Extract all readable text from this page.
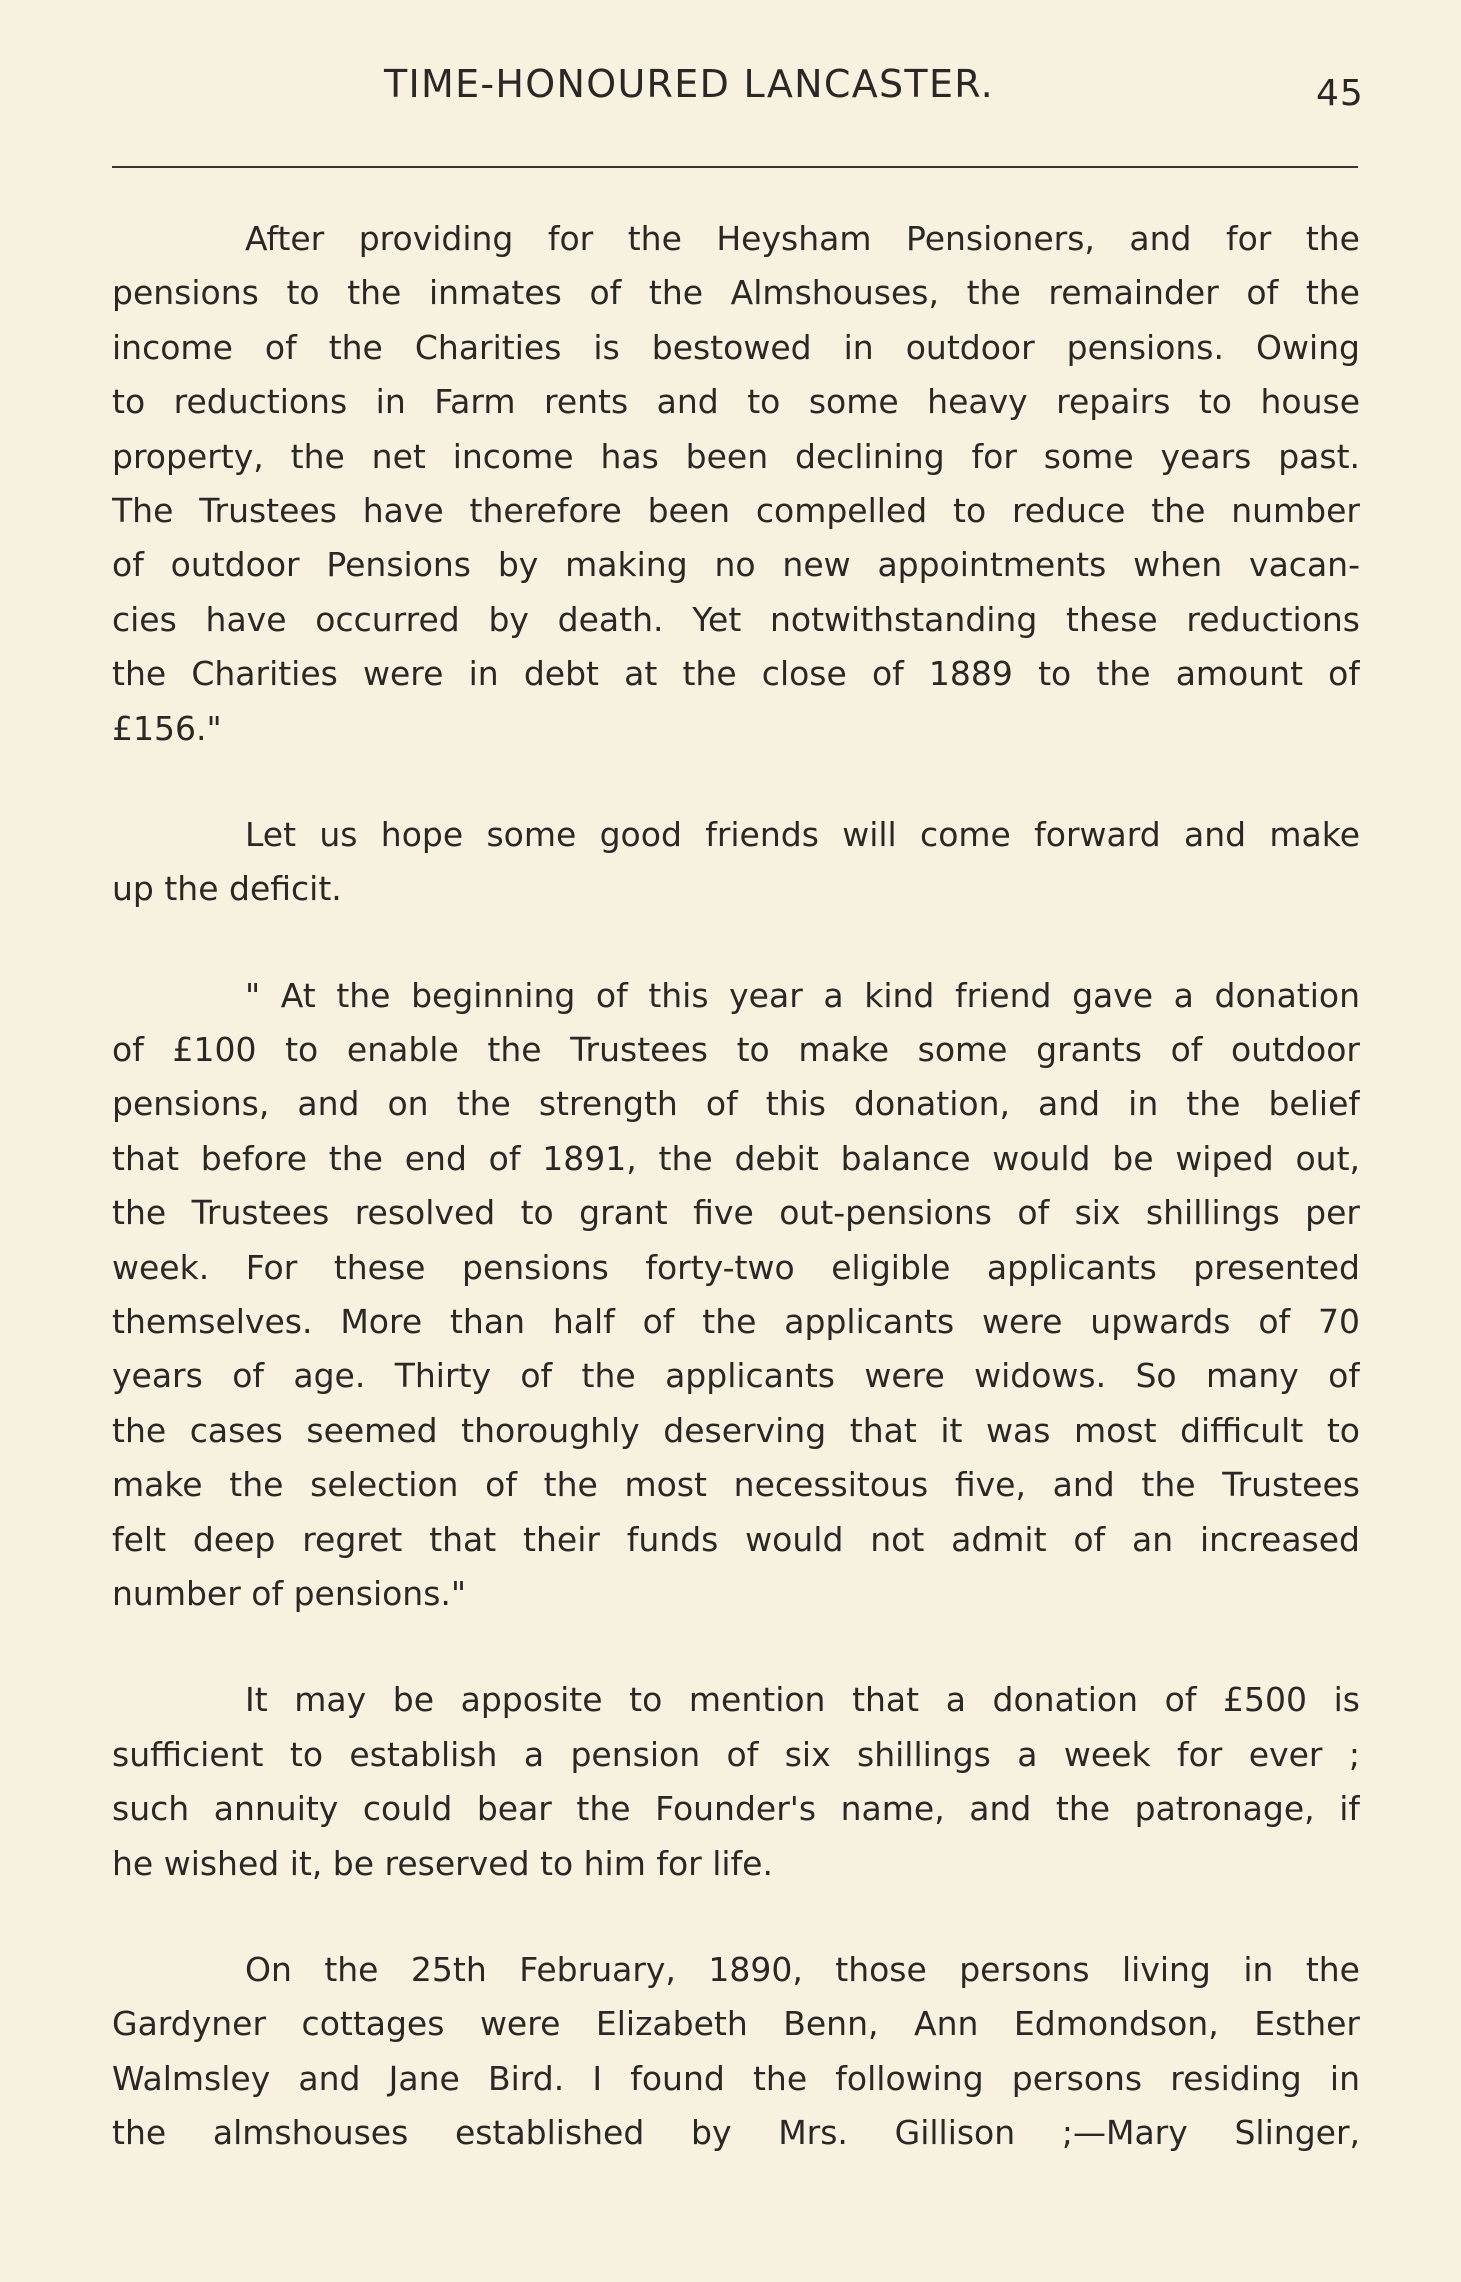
TIME-HONOURED LANCASTER.	45
After providing for the Heysham Pensioners, and for the
pensions to the inmates of the Almshouses, the remainder of the
income of the Charities is bestowed in outdoor pensions. Owing
to reductions in Farm rents and to some heavy repairs to house
property, the net income has been declining for some years past.
The Trustees have therefore been compelled to reduce the number
of outdoor Pensions by making no new appointments when vacan-
cies have occurred by death. Yet notwithstanding these reductions
the Charities were in debt at the close of 1889 to the amount of
£156."
Let us hope some good friends will come forward and make
up the deficit.
" At the beginning of this year a kind friend gave a donation
of £100 to enable the Trustees to make some grants of outdoor
pensions, and on the strength of this donation, and in the belief
that before the end of 1891, the debit balance would be wiped out,
the Trustees resolved to grant five out-pensions of six shillings per
week. For these pensions forty-two eligible applicants presented
themselves. More than half of the applicants were upwards of 70
years of age. Thirty of the applicants were widows. So many of
the cases seemed thoroughly deserving that it was most difficult to
make the selection of the most necessitous five, and the Trustees
felt deep regret that their funds would not admit of an increased
number of pensions."
It may be apposite to mention that a donation of £500 is
sufficient to establish a pension of six shillings a week for ever ;
such annuity could bear the Founder's name, and the patronage, if
he wished it, be reserved to him for life.
On the 25th February, 1890, those persons living in the
Gardyner cottages were Elizabeth Benn, Ann Edmondson, Esther
Walmsley and Jane Bird. I found the following persons residing in
the almshouses established by Mrs. Gillison ;—Mary Slinger,
